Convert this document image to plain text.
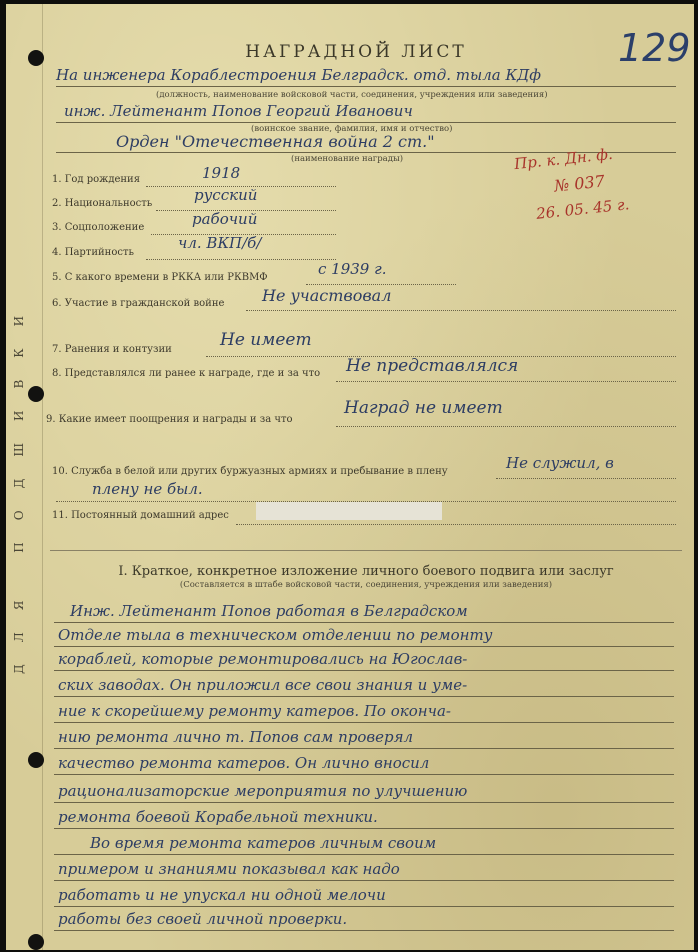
ДЛЯ ПОДШИВКИ
НАГРАДНОЙ ЛИСТ	129
На инженера Кораблестроения Белградск. отд. тыла КДф
(должность, наименование войсковой части, соединения, учреждения или заведения)
инж. Лейтенант Попов Георгий Иванович
(воинское звание, фамилия, имя и отчество)
Орден "Отечественная война 2 ст."
(наименование награды)	Пр. к. Дн. ф.
№ 037
26. 05. 45 г.
1. Год рождения	1918
2. Национальность	русский
3. Соцположение	рабочий
4. Партийность
чл. ВКП/б/
5. С какого времени в РККА или РКВМФ	с 1939 г.
6. Участие в гражданской войне Не участвовал
7. Ранения и контузии	Не имеет
8. Представлялся ли ранее к награде, где и за что Не представлялся
9. Какие имеет поощрения и награды и за что
Наград не имеет
10. Служба в белой или других буржуазных армиях и пребывание в плену	Не служил, в
плену не был.
11. Постоянный домашний адрес
I. Краткое, конкретное изложение личного боевого подвига или заслуг
(Составляется в штабе войсковой части, соединения, учреждения или заведения)
Инж. Лейтенант Попов работая в Белградском
Отделе тыла в техническом отделении по ремонту
кораблей, которые ремонтировались на Югослав-
ских заводах. Он приложил все свои знания и уме-
ние к скорейшему ремонту катеров. По оконча-
нию ремонта лично т. Попов сам проверял
качество ремонта катеров. Он лично вносил
рационализаторские мероприятия по улучшению
ремонта боевой Корабельной техники.
Во время ремонта катеров личным своим
примером и знаниями показывал как надо
работать и не упускал ни одной мелочи
работы без своей личной проверки.
